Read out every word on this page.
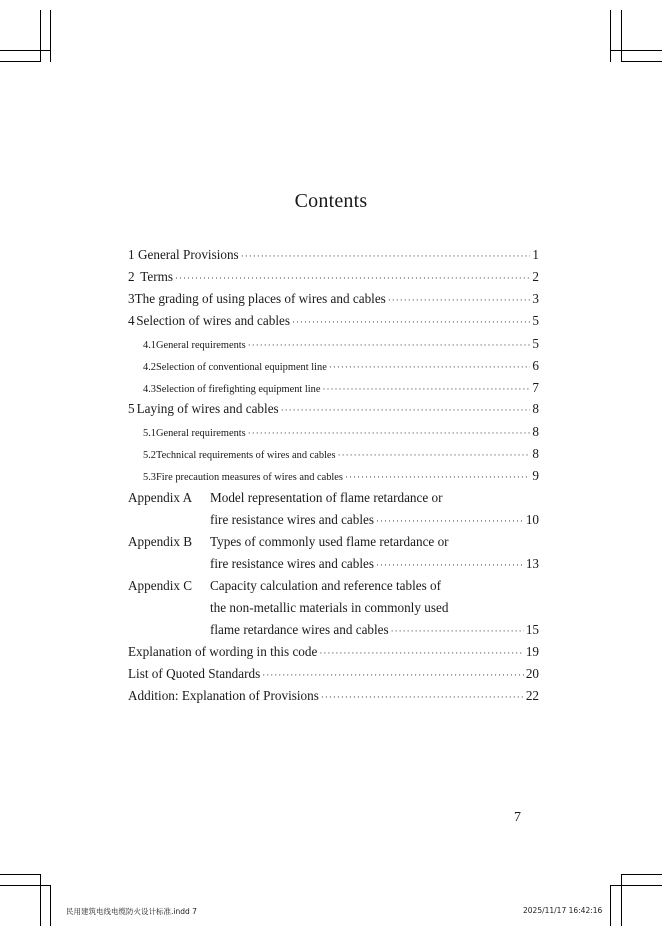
Contents
1 General Provisions ·····	1
2 Terms ·····	2
3 The grading of using places of wires and cables ·····	3
4 Selection of wires and cables ·····	5
4.1 General requirements ·····	5
4.2 Selection of conventional equipment line ·····	6
4.3 Selection of firefighting equipment line ·····	7
5 Laying of wires and cables ·····	8
5.1 General requirements ·····	8
5.2 Technical requirements of wires and cables ·····	8
5.3 Fire precaution measures of wires and cables ·····	9
Appendix A Model representation of flame retardance or
fire resistance wires and cables ·····	10
Appendix B Types of commonly used flame retardance or
fire resistance wires and cables ·····	13
Appendix C Capacity calculation and reference tables of
the non-metallic materials in commonly used
flame retardance wires and cables ·····	15
Explanation of wording in this code ·····	19
List of Quoted Standards ·····	20
Addition: Explanation of Provisions ·····	22
7
民用建筑电线电缆防火设计标准.indd 7	2025/11/17 16:42:16
